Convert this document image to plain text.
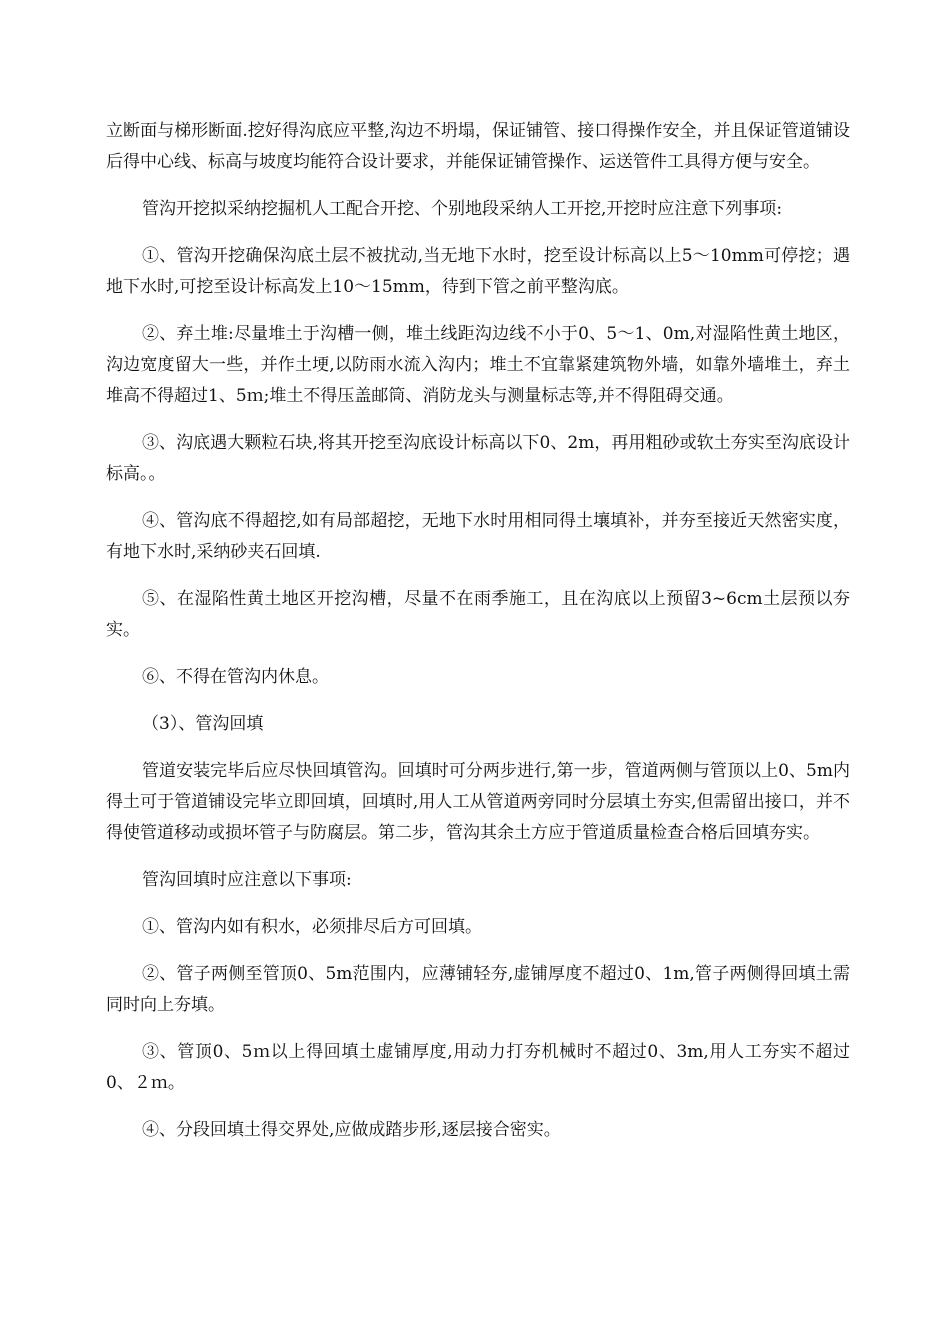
立断面与梯形断面.挖好得沟底应平整,沟边不坍塌，保证铺管、接口得操作安全，并且保证管道铺设后得中心线、标高与坡度均能符合设计要求，并能保证铺管操作、运送管件工具得方便与安全。

管沟开挖拟采纳挖掘机人工配合开挖、个别地段采纳人工开挖,开挖时应注意下列事项:

①、管沟开挖确保沟底土层不被扰动,当无地下水时，挖至设计标高以上5～10mm可停挖；遇地下水时,可挖至设计标高发上10～15mm，待到下管之前平整沟底。

②、弃土堆:尽量堆土于沟槽一侧，堆土线距沟边线不小于0、5～1、0m,对湿陷性黄土地区，沟边宽度留大一些，并作土埂,以防雨水流入沟内；堆土不宜靠紧建筑物外墙，如靠外墙堆土，弃土堆高不得超过1、5ｍ;堆土不得压盖邮筒、消防龙头与测量标志等,并不得阻碍交通。

③、沟底遇大颗粒石块,将其开挖至沟底设计标高以下0、2m，再用粗砂或软土夯实至沟底设计标高。。

④、管沟底不得超挖,如有局部超挖，无地下水时用相同得土壤填补，并夯至接近天然密实度，有地下水时,采纳砂夹石回填.

⑤、在湿陷性黄土地区开挖沟槽，尽量不在雨季施工，且在沟底以上预留3~6cm土层预以夯实。

⑥、不得在管沟内休息。

（3）、管沟回填

管道安装完毕后应尽快回填管沟。回填时可分两步进行,第一步，管道两侧与管顶以上0、5m内得土可于管道铺设完毕立即回填，回填时,用人工从管道两旁同时分层填土夯实,但需留出接口，并不得使管道移动或损坏管子与防腐层。第二步，管沟其余土方应于管道质量检查合格后回填夯实。

管沟回填时应注意以下事项:

①、管沟内如有积水，必须排尽后方可回填。

②、管子两侧至管顶0、5m范围内，应薄铺轻夯,虚铺厚度不超过0、1m,管子两侧得回填土需同时向上夯填。

③、管顶0、5ｍ以上得回填土虚铺厚度,用动力打夯机械时不超过0、3m,用人工夯实不超过0、２ｍ。

④、分段回填土得交界处,应做成踏步形,逐层接合密实。
